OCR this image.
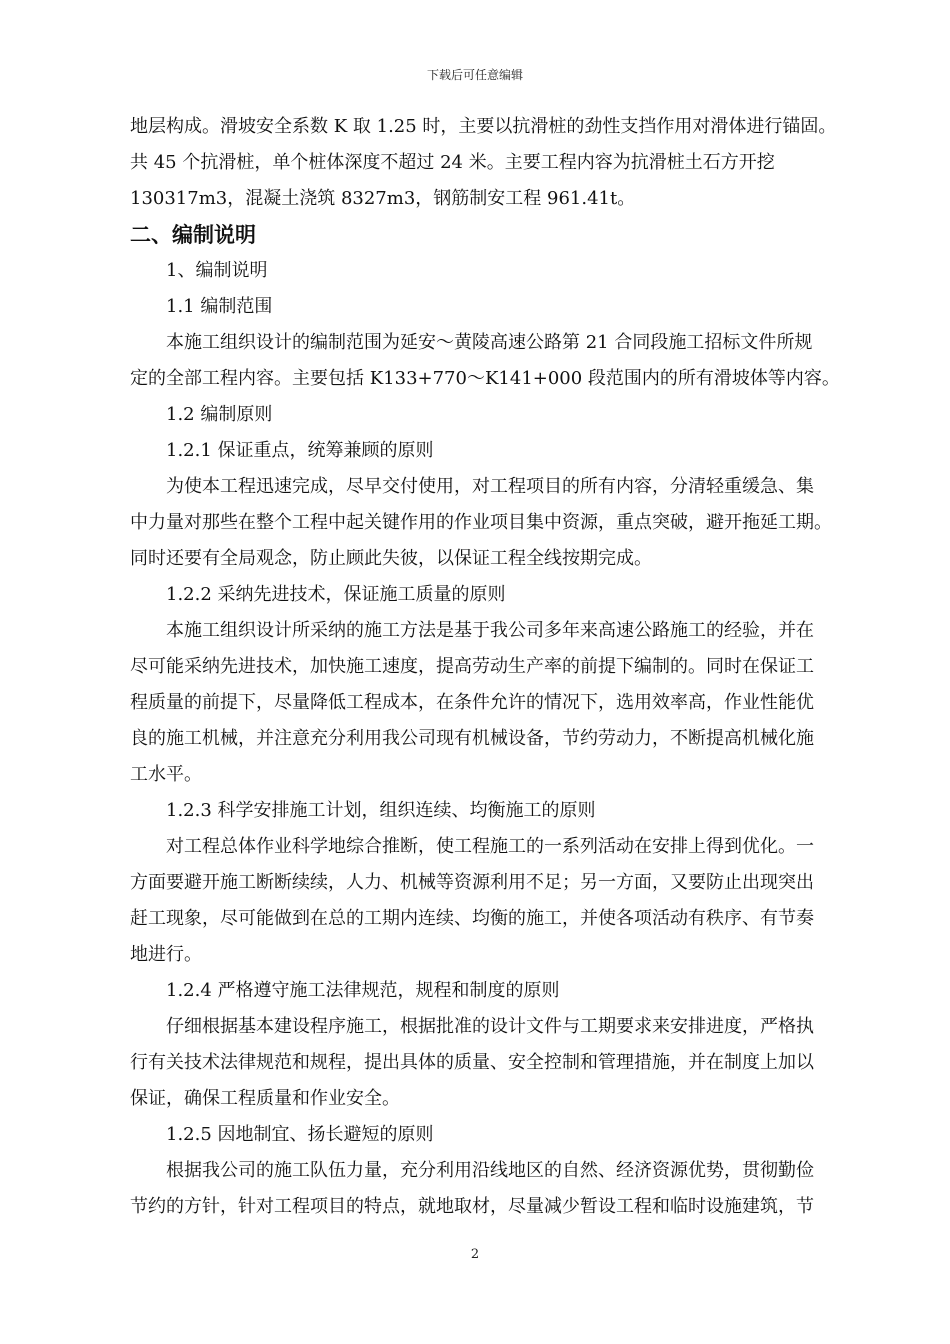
下载后可任意编辑
地层构成。滑坡安全系数 K 取 1.25 时，主要以抗滑桩的劲性支挡作用对滑体进行锚固。
共 45 个抗滑桩，单个桩体深度不超过 24 米。主要工程内容为抗滑桩土石方开挖
130317m3，混凝土浇筑 8327m3，钢筋制安工程 961.41t。
二、编制说明
1、编制说明
1.1 编制范围
本施工组织设计的编制范围为延安～黄陵高速公路第 21 合同段施工招标文件所规
定的全部工程内容。主要包括 K133+770～K141+000 段范围内的所有滑坡体等内容。
1.2 编制原则
1.2.1 保证重点，统筹兼顾的原则
为使本工程迅速完成，尽早交付使用，对工程项目的所有内容，分清轻重缓急、集
中力量对那些在整个工程中起关键作用的作业项目集中资源，重点突破，避开拖延工期。
同时还要有全局观念，防止顾此失彼，以保证工程全线按期完成。
1.2.2 采纳先进技术，保证施工质量的原则
本施工组织设计所采纳的施工方法是基于我公司多年来高速公路施工的经验，并在
尽可能采纳先进技术，加快施工速度，提高劳动生产率的前提下编制的。同时在保证工
程质量的前提下，尽量降低工程成本，在条件允许的情况下，选用效率高，作业性能优
良的施工机械，并注意充分利用我公司现有机械设备，节约劳动力，不断提高机械化施
工水平。
1.2.3 科学安排施工计划，组织连续、均衡施工的原则
对工程总体作业科学地综合推断，使工程施工的一系列活动在安排上得到优化。一
方面要避开施工断断续续，人力、机械等资源利用不足；另一方面，又要防止出现突出
赶工现象，尽可能做到在总的工期内连续、均衡的施工，并使各项活动有秩序、有节奏
地进行。
1.2.4 严格遵守施工法律规范，规程和制度的原则
仔细根据基本建设程序施工，根据批准的设计文件与工期要求来安排进度，严格执
行有关技术法律规范和规程，提出具体的质量、安全控制和管理措施，并在制度上加以
保证，确保工程质量和作业安全。
1.2.5 因地制宜、扬长避短的原则
根据我公司的施工队伍力量，充分利用沿线地区的自然、经济资源优势，贯彻勤俭
节约的方针，针对工程项目的特点，就地取材，尽量减少暂设工程和临时设施建筑，节
2
